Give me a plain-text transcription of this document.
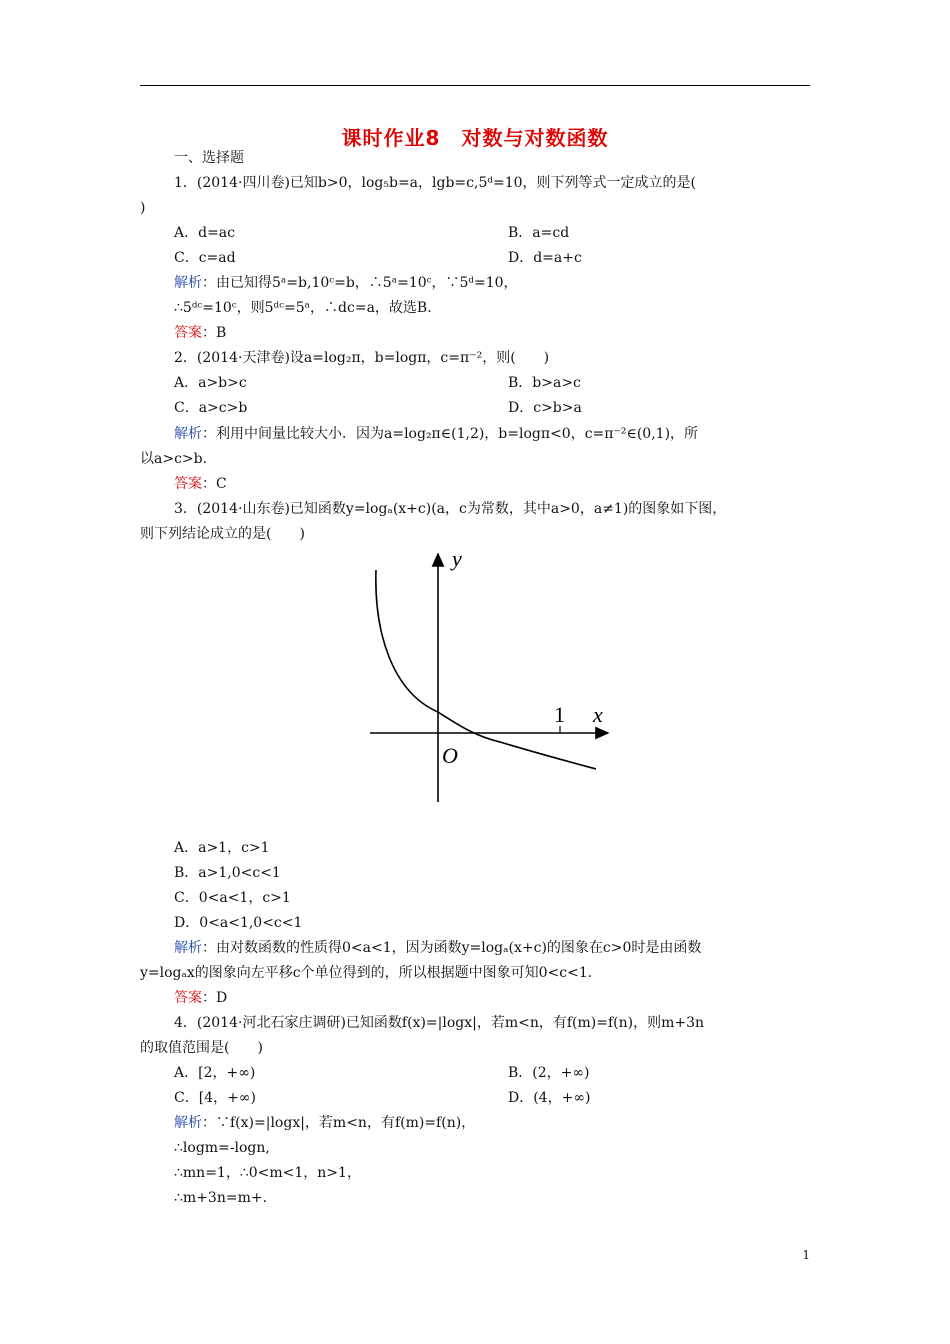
课时作业8　对数与对数函数
一、选择题
1．(2014·四川卷)已知b>0，log₅b=a，lgb=c,5ᵈ=10，则下列等式一定成立的是(
)
A．d=ac	B．a=cd
C．c=ad	D．d=a+c
解析：由已知得5ᵃ=b,10ᶜ=b，∴5ᵃ=10ᶜ，∵5ᵈ=10，
∴5ᵈᶜ=10ᶜ，则5ᵈᶜ=5ᵃ，∴dc=a，故选B.
答案：B
2．(2014·天津卷)设a=log₂π，b=logπ，c=π⁻²，则(　　)
A．a>b>c	B．b>a>c
C．a>c>b	D．c>b>a
解析：利用中间量比较大小．因为a=log₂π∈(1,2)，b=logπ<0，c=π⁻²∈(0,1)，所
以a>c>b.
答案：C
3．(2014·山东卷)已知函数y=logₐ(x+c)(a，c为常数，其中a>0，a≠1)的图象如下图，
则下列结论成立的是(　　)
y
x
O
1
A．a>1，c>1
B．a>1,0<c<1
C．0<a<1，c>1
D．0<a<1,0<c<1
解析：由对数函数的性质得0<a<1，因为函数y=logₐ(x+c)的图象在c>0时是由函数
y=logₐx的图象向左平移c个单位得到的，所以根据题中图象可知0<c<1.
答案：D
4．(2014·河北石家庄调研)已知函数f(x)=|logx|，若m<n，有f(m)=f(n)，则m+3n
的取值范围是(　　)
A．[2，+∞)	B．(2，+∞)
C．[4，+∞)	D．(4，+∞)
解析：∵f(x)=|logx|，若m<n，有f(m)=f(n)，
∴logm=-logn,
∴mn=1，∴0<m<1，n>1，
∴m+3n=m+.
1
